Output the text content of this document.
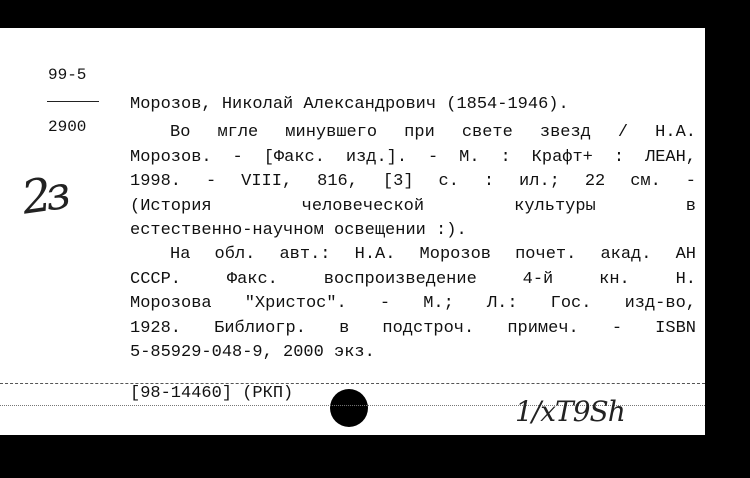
99-5
2900
2з
Морозов, Николай Александрович (1854-1946).
Во мгле минувшего при свете звезд / Н.А.
Морозов. - [Факс. изд.]. - М. : Крафт+ : ЛЕАН,
1998. - VIII, 816, [3] с. : ил.; 22 см. -
(История человеческой культуры в
естественно-научном освещении :).
На обл. авт.: Н.А. Морозов почет. акад. АН
СССР. Факс. воспроизведение 4-й кн. Н.
Морозова "Христос". - М.; Л.: Гос. изд-во,
1928. Библиогр. в подстроч. примеч. - ISBN
5-85929-048-9, 2000 экз.
[98-14460] (РКП)
1/хТ9Sh
